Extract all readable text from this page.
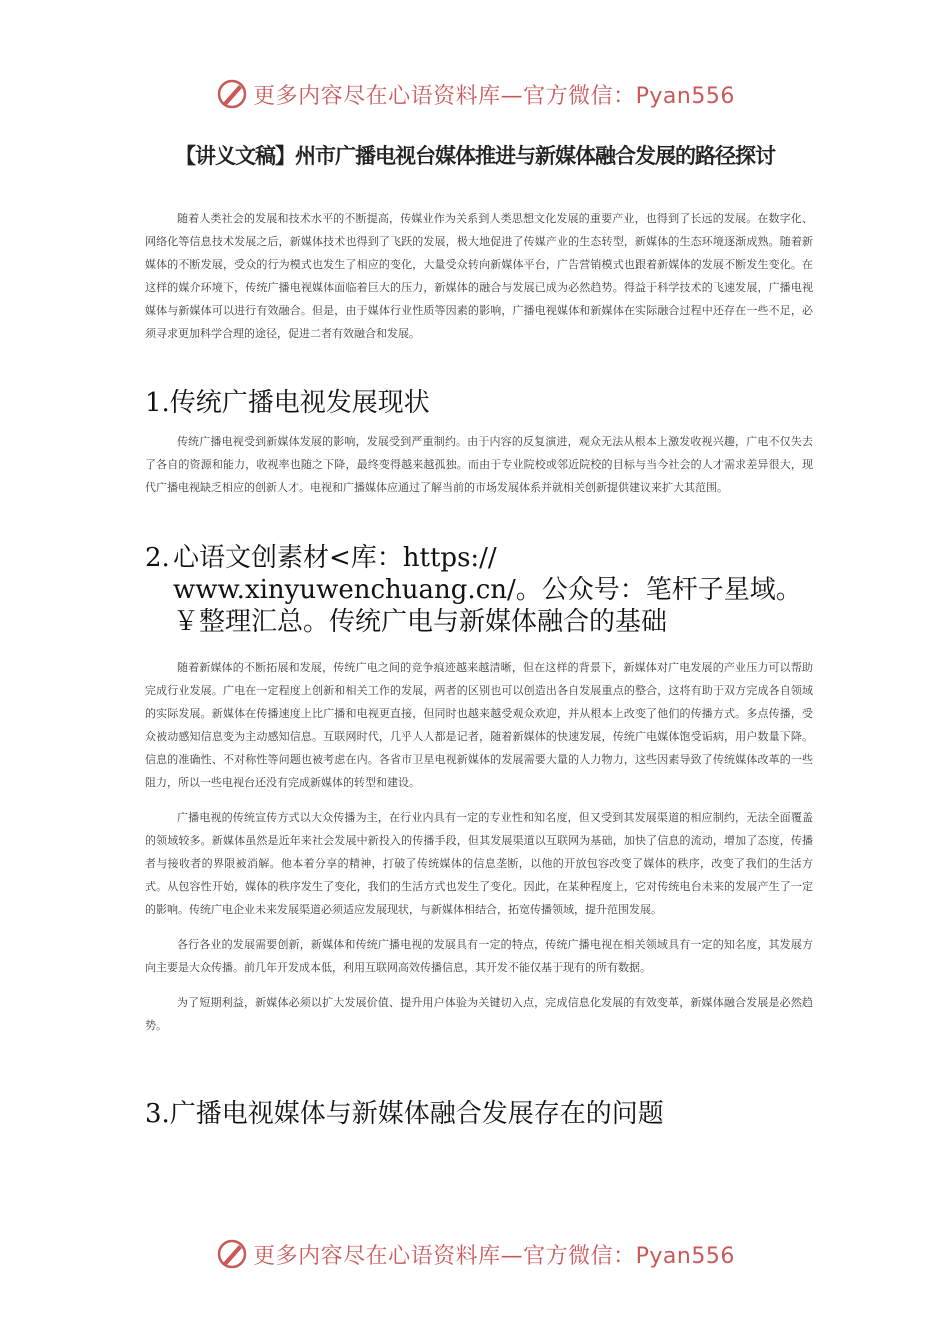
更多内容尽在心语资料库—官方微信：Pyan556
【讲义文稿】州市广播电视台媒体推进与新媒体融合发展的路径探讨

随着人类社会的发展和技术水平的不断提高，传媒业作为关系到人类思想文化发展的重要产业，也得到了长远的发展。在数字化、网络化等信息技术发展之后，新媒体技术也得到了飞跃的发展，极大地促进了传媒产业的生态转型，新媒体的生态环境逐渐成熟。随着新媒体的不断发展，受众的行为模式也发生了相应的变化，大量受众转向新媒体平台，广告营销模式也跟着新媒体的发展不断发生变化。在这样的媒介环境下，传统广播电视媒体面临着巨大的压力，新媒体的融合与发展已成为必然趋势。得益于科学技术的飞速发展，广播电视媒体与新媒体可以进行有效融合。但是，由于媒体行业性质等因素的影响，广播电视媒体和新媒体在实际融合过程中还存在一些不足，必须寻求更加科学合理的途径，促进二者有效融合和发展。

1.传统广播电视发展现状

传统广播电视受到新媒体发展的影响，发展受到严重制约。由于内容的反复演进，观众无法从根本上激发收视兴趣，广电不仅失去了各自的资源和能力，收视率也随之下降，最终变得越来越孤独。而由于专业院校或邻近院校的目标与当今社会的人才需求差异很大，现代广播电视缺乏相应的创新人才。电视和广播媒体应通过了解当前的市场发展体系并就相关创新提供建议来扩大其范围。

2. 心语文创素材<库：https://
www.xinyuwenchuang.cn/。公众号：笔杆子星域。
￥整理汇总。传统广电与新媒体融合的基础

随着新媒体的不断拓展和发展，传统广电之间的竞争痕迹越来越清晰，但在这样的背景下，新媒体对广电发展的产业压力可以帮助完成行业发展。广电在一定程度上创新和相关工作的发展，两者的区别也可以创造出各自发展重点的整合，这将有助于双方完成各自领域的实际发展。新媒体在传播速度上比广播和电视更直接，但同时也越来越受观众欢迎，并从根本上改变了他们的传播方式。多点传播，受众被动感知信息变为主动感知信息。互联网时代，几乎人人都是记者，随着新媒体的快速发展，传统广电媒体饱受诟病，用户数量下降。信息的准确性、不对称性等问题也被考虑在内。各省市卫星电视新媒体的发展需要大量的人力物力，这些因素导致了传统媒体改革的一些阻力，所以一些电视台还没有完成新媒体的转型和建设。

广播电视的传统宣传方式以大众传播为主，在行业内具有一定的专业性和知名度，但又受到其发展渠道的相应制约，无法全面覆盖的领域较多。新媒体虽然是近年来社会发展中新投入的传播手段，但其发展渠道以互联网为基础，加快了信息的流动，增加了态度，传播者与接收者的界限被消解。他本着分享的精神，打破了传统媒体的信息垄断，以他的开放包容改变了媒体的秩序，改变了我们的生活方式。从包容性开始，媒体的秩序发生了变化，我们的生活方式也发生了变化。因此，在某种程度上，它对传统电台未来的发展产生了一定的影响。传统广电企业未来发展渠道必须适应发展现状，与新媒体相结合，拓宽传播领域，提升范围发展。

各行各业的发展需要创新，新媒体和传统广播电视的发展具有一定的特点，传统广播电视在相关领域具有一定的知名度，其发展方向主要是大众传播。前几年开发成本低，利用互联网高效传播信息，其开发不能仅基于现有的所有数据。

为了短期利益，新媒体必须以扩大发展价值、提升用户体验为关键切入点，完成信息化发展的有效变革，新媒体融合发展是必然趋势。

3.广播电视媒体与新媒体融合发展存在的问题
更多内容尽在心语资料库—官方微信：Pyan556
